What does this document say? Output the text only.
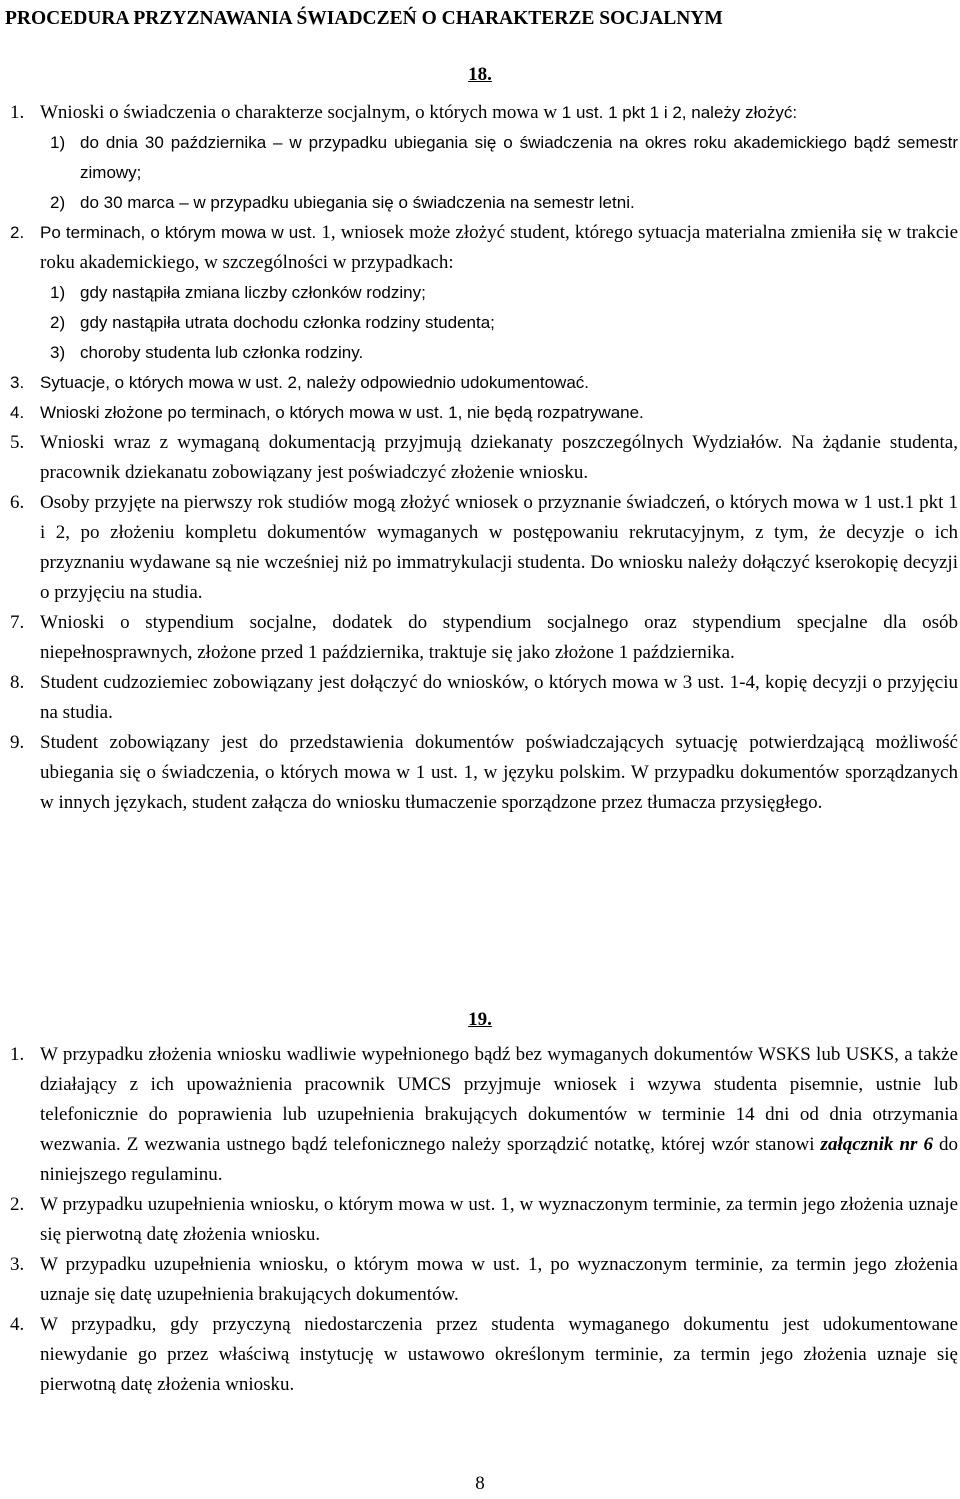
PROCEDURA PRZYZNAWANIA ŚWIADCZEŃ O CHARAKTERZE SOCJALNYM
18.
1. Wnioski o świadczenia o charakterze socjalnym, o których mowa w 1 ust. 1 pkt 1 i 2, należy złożyć:
1) do dnia 30 października – w przypadku ubiegania się o świadczenia na okres roku akademickiego bądź semestr zimowy;
2) do 30 marca – w przypadku ubiegania się o świadczenia na semestr letni.
2. Po terminach, o którym mowa w ust. 1, wniosek może złożyć student, którego sytuacja materialna zmieniła się w trakcie roku akademickiego, w szczególności w przypadkach:
1) gdy nastąpiła zmiana liczby członków rodziny;
2) gdy nastąpiła utrata dochodu członka rodziny studenta;
3) choroby studenta lub członka rodziny.
3. Sytuacje, o których mowa w ust. 2, należy odpowiednio udokumentować.
4. Wnioski złożone po terminach, o których mowa w ust. 1, nie będą rozpatrywane.
5. Wnioski wraz z wymaganą dokumentacją przyjmują dziekanaty poszczególnych Wydziałów. Na żądanie studenta, pracownik dziekanatu zobowiązany jest poświadczyć złożenie wniosku.
6. Osoby przyjęte na pierwszy rok studiów mogą złożyć wniosek o przyznanie świadczeń, o których mowa w 1 ust.1 pkt 1 i 2, po złożeniu kompletu dokumentów wymaganych w postępowaniu rekrutacyjnym, z tym, że decyzje o ich przyznaniu wydawane są nie wcześniej niż po immatrykulacji studenta. Do wniosku należy dołączyć kserokopię decyzji o przyjęciu na studia.
7. Wnioski o stypendium socjalne, dodatek do stypendium socjalnego oraz stypendium specjalne dla osób niepełnosprawnych, złożone przed 1 października, traktuje się jako złożone 1 października.
8. Student cudzoziemiec zobowiązany jest dołączyć do wniosków, o których mowa w 3 ust. 1-4, kopię decyzji o przyjęciu na studia.
9. Student zobowiązany jest do przedstawienia dokumentów poświadczających sytuację potwierdzającą możliwość ubiegania się o świadczenia, o których mowa w 1 ust. 1, w języku polskim. W przypadku dokumentów sporządzanych w innych językach, student załącza do wniosku tłumaczenie sporządzone przez tłumacza przysięgłego.
19.
1. W przypadku złożenia wniosku wadliwie wypełnionego bądź bez wymaganych dokumentów WSKS lub USKS, a także działający z ich upoważnienia pracownik UMCS przyjmuje wniosek i wzywa studenta pisemnie, ustnie lub telefonicznie do poprawienia lub uzupełnienia brakujących dokumentów w terminie 14 dni od dnia otrzymania wezwania. Z wezwania ustnego bądź telefonicznego należy sporządzić notatkę, której wzór stanowi załącznik nr 6 do niniejszego regulaminu.
2. W przypadku uzupełnienia wniosku, o którym mowa w ust. 1, w wyznaczonym terminie, za termin jego złożenia uznaje się pierwotną datę złożenia wniosku.
3. W przypadku uzupełnienia wniosku, o którym mowa w ust. 1, po wyznaczonym terminie, za termin jego złożenia uznaje się datę uzupełnienia brakujących dokumentów.
4. W przypadku, gdy przyczyną niedostarczenia przez studenta wymaganego dokumentu jest udokumentowane niewydanie go przez właściwą instytucję w ustawowo określonym terminie, za termin jego złożenia uznaje się pierwotną datę złożenia wniosku.
8
